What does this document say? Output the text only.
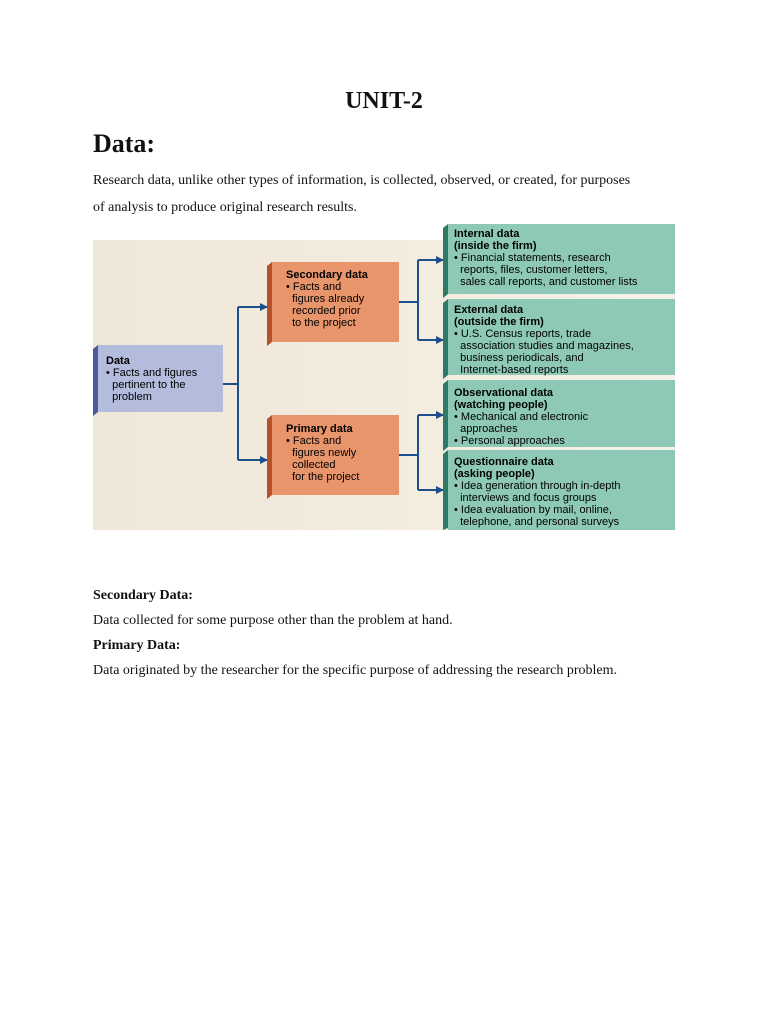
UNIT-2
Data:

Research data, unlike other types of information, is collected, observed, or created, for purposes
of analysis to produce original research results.

Data
• Facts and figures
pertinent to the
problem
Secondary data
• Facts and
figures already
recorded prior
to the project
Primary data
• Facts and
figures newly
collected
for the project
Internal data
(inside the firm)
• Financial statements, research
reports, files, customer letters,
sales call reports, and customer lists
External data
(outside the firm)
• U.S. Census reports, trade
association studies and magazines,
business periodicals, and
Internet-based reports
Observational data
(watching people)
• Mechanical and electronic
approaches
• Personal approaches
Questionnaire data
(asking people)
• Idea generation through in-depth
interviews and focus groups
• Idea evaluation by mail, online,
telephone, and personal surveys

Secondary Data:

Data collected for some purpose other than the problem at hand.

Primary Data:

Data originated by the researcher for the specific purpose of addressing the research problem.
